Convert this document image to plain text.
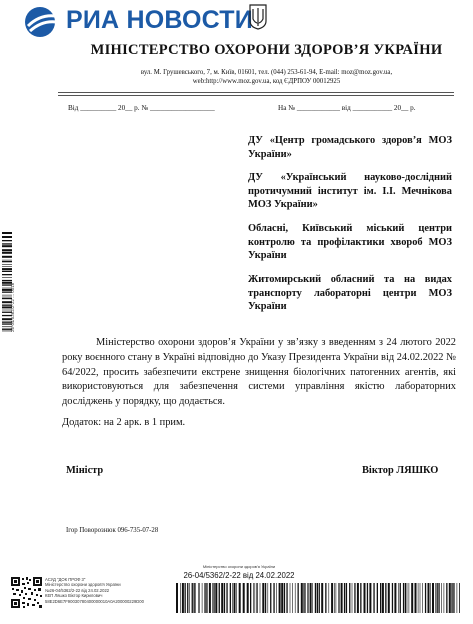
РИА НОВОСТИ
МІНІСТЕРСТВО ОХОРОНИ ЗДОРОВ’Я УКРАЇНИ
вул. М. Грушевського, 7, м. Київ, 01601, тел. (044) 253-61-94, E-mail: moz@moz.gov.ua,
web:http://www.moz.gov.ua, код ЄДРПОУ 00012925
Від __________ 20__ р. № __________________	На № ____________ від ___________ 20__ р.
ДУ «Центр громадського здоров’я МОЗ України»
ДУ «Український науково-дослідний протичумний інститут ім. І.І. Мечнікова МОЗ України»
Обласні, Київський міський центри контролю та профілактики хвороб МОЗ України
Житомирський обласний та на видах транспорту лабораторні центри МОЗ України
Міністерство охорони здоров’я України у зв’язку з введенням з 24 лютого 2022 року воєнного стану в Україні відповідно до Указу Президента України від 24.02.2022 № 64/2022, просить забезпечити екстрене знищення біологічних патогенних агентів, які використовуються для забезпечення системи управління якістю лабораторних досліджень у порядку, що додається.
Додаток: на 2 арк. в 1 прим.
Міністр	Віктор ЛЯШКО
Ігор Поворознюк 096-735-07-28
26-04/5362/2-22 ... 0016
АСУД "ДОК ПРОФ 3"
Міністерство охорони здоров'я України
№26-04/5362/2-22 від 24.02.2022
КЕП Ляшко Віктор Кирилович
58E2D6E7F90030780400000010A0A200000229D00
Міністерство охорони здоров'я України
26-04/5362/2-22 від 24.02.2022
